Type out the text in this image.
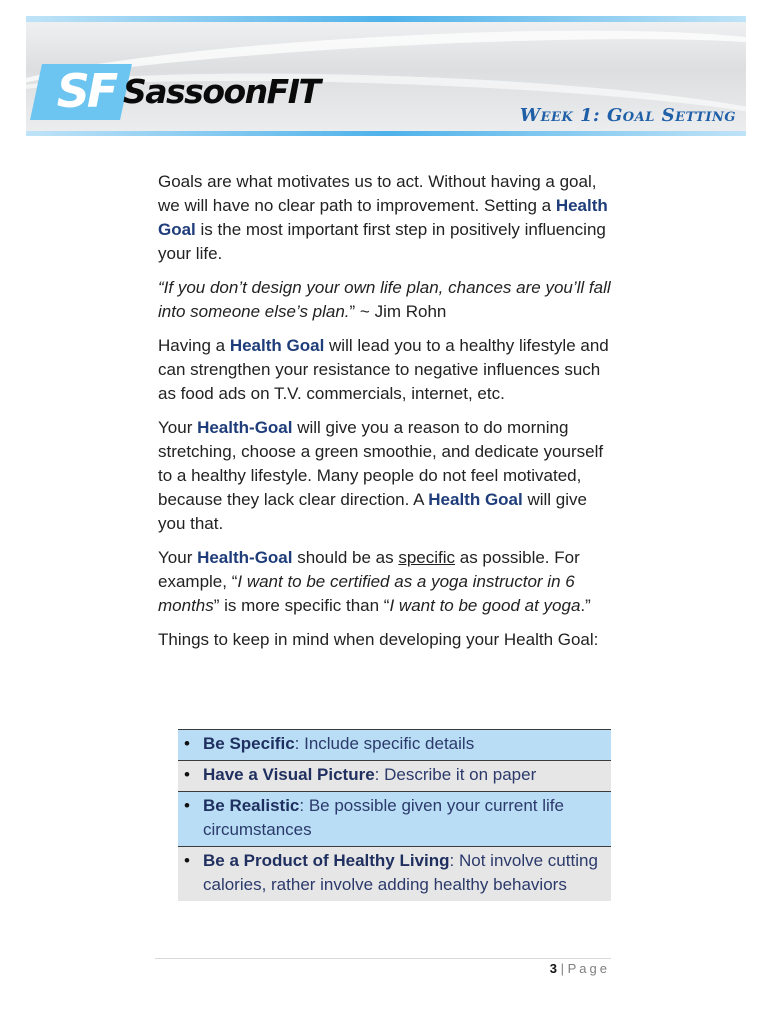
SF SassoonFIT
Week 1: Goal Setting

Goals are what motivates us to act. Without having a goal, we will have no clear path to improvement. Setting a Health Goal is the most important first step in positively influencing your life.

“If you don’t design your own life plan, chances are you’ll fall into someone else’s plan.” ~ Jim Rohn

Having a Health Goal will lead you to a healthy lifestyle and can strengthen your resistance to negative influences such as food ads on T.V. commercials, internet, etc.

Your Health-Goal will give you a reason to do morning stretching, choose a green smoothie, and dedicate yourself to a healthy lifestyle. Many people do not feel motivated, because they lack clear direction. A Health Goal will give you that.

Your Health-Goal should be as specific as possible. For example, “I want to be certified as a yoga instructor in 6 months” is more specific than “I want to be good at yoga.”

Things to keep in mind when developing your Health Goal:

• Be Specific: Include specific details
• Have a Visual Picture: Describe it on paper
• Be Realistic: Be possible given your current life circumstances
• Be a Product of Healthy Living: Not involve cutting calories, rather involve adding healthy behaviors
3 | Page
